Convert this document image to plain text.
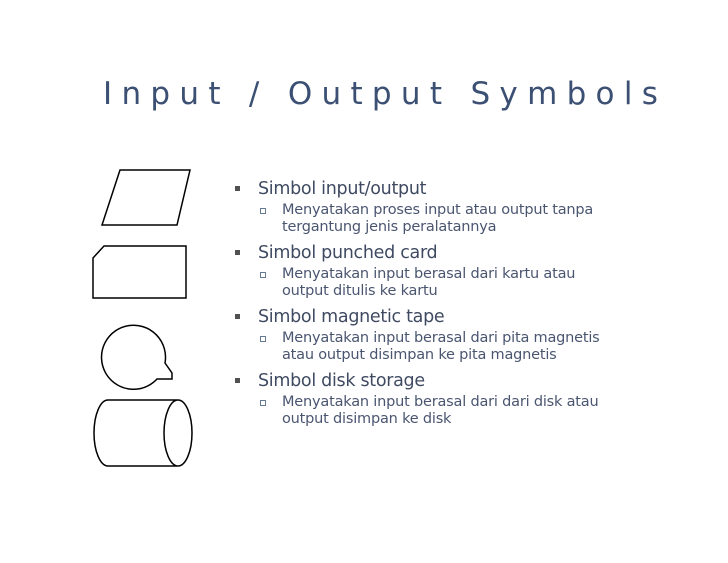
Input / Output Symbols
Simbol input/output
Menyatakan proses input atau output tanpa
tergantung jenis peralatannya
Simbol punched card
Menyatakan input berasal dari kartu atau
output ditulis ke kartu
Simbol magnetic tape
Menyatakan input berasal dari pita magnetis
atau output disimpan ke pita magnetis
Simbol disk storage
Menyatakan input berasal dari dari disk atau
output disimpan ke disk
